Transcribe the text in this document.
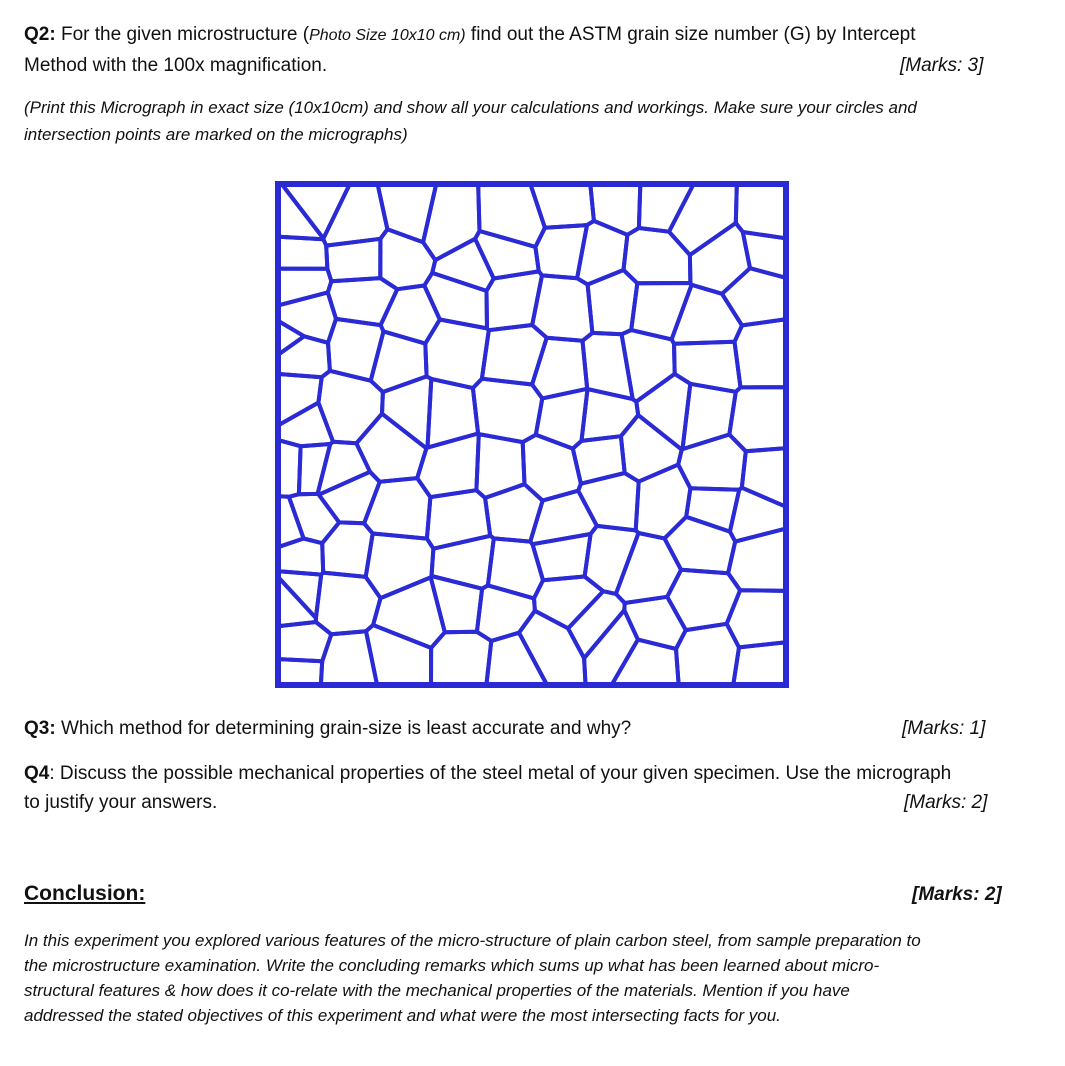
Q2: For the given microstructure (Photo Size 10x10 cm) find out the ASTM grain size number (G) by Intercept
Method with the 100x magnification.	[Marks: 3]
(Print this Micrograph in exact size (10x10cm) and show all your calculations and workings. Make sure your circles and
intersection points are marked on the micrographs)
Q3: Which method for determining grain-size is least accurate and why?	[Marks: 1]
Q4: Discuss the possible mechanical properties of the steel metal of your given specimen. Use the micrograph
to justify your answers.	[Marks: 2]
Conclusion:	[Marks: 2]
In this experiment you explored various features of the micro-structure of plain carbon steel, from sample preparation to
the microstructure examination. Write the concluding remarks which sums up what has been learned about micro-
structural features & how does it co-relate with the mechanical properties of the materials. Mention if you have
addressed the stated objectives of this experiment and what were the most intersecting facts for you.
